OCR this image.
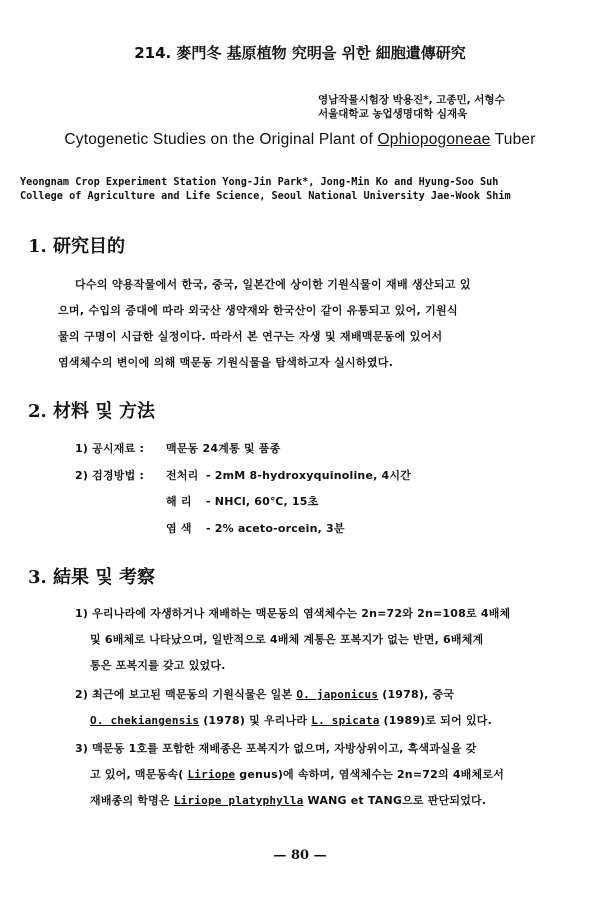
214. 麥門冬 基原植物 究明을 위한 細胞遺傳研究
영남작물시험장 박용진*, 고종민, 서형수
서울대학교 농업생명대학 심재욱
Cytogenetic Studies on the Original Plant of Ophiopogoneae Tuber
Yeongnam Crop Experiment Station Yong-Jin Park*, Jong-Min Ko and Hyung-Soo Suh
College of Agriculture and Life Science, Seoul National University Jae-Wook Shim
1. 研究目的
다수의 약용작물에서 한국, 중국, 일본간에 상이한 기원식물이 재배 생산되고 있
으며, 수입의 증대에 따라 외국산 생약재와 한국산이 같이 유통되고 있어, 기원식
물의 구명이 시급한 실정이다. 따라서 본 연구는 자생 및 재배맥문동에 있어서
염색체수의 변이에 의해 맥문동 기원식물을 탐색하고자 실시하였다.
2. 材料 및 方法
1) 공시재료 : 맥문동 24계통 및 품종
2) 검경방법 : 전처리 - 2mM 8-hydroxyquinoline, 4시간
해 리 - NHCl, 60℃, 15초
염 색 - 2% aceto-orcein, 3분
3. 結果 및 考察
1) 우리나라에 자생하거나 재배하는 맥문동의 염색체수는 2n=72와 2n=108로 4배체
및 6배체로 나타났으며, 일반적으로 4배체 계통은 포복지가 없는 반면, 6배체계
통은 포복지를 갖고 있었다.
2) 최근에 보고된 맥문동의 기원식물은 일본 O. japonicus (1978), 중국
O. chekiangensis (1978) 및 우리나라 L. spicata (1989)로 되어 있다.
3) 맥문동 1호를 포함한 재배종은 포복지가 없으며, 자방상위이고, 흑색과실을 갖
고 있어, 맥문동속( Liriope genus)에 속하며, 염색체수는 2n=72의 4배체로서
재배종의 학명은 Liriope platyphylla WANG et TANG으로 판단되었다.
— 80 —
